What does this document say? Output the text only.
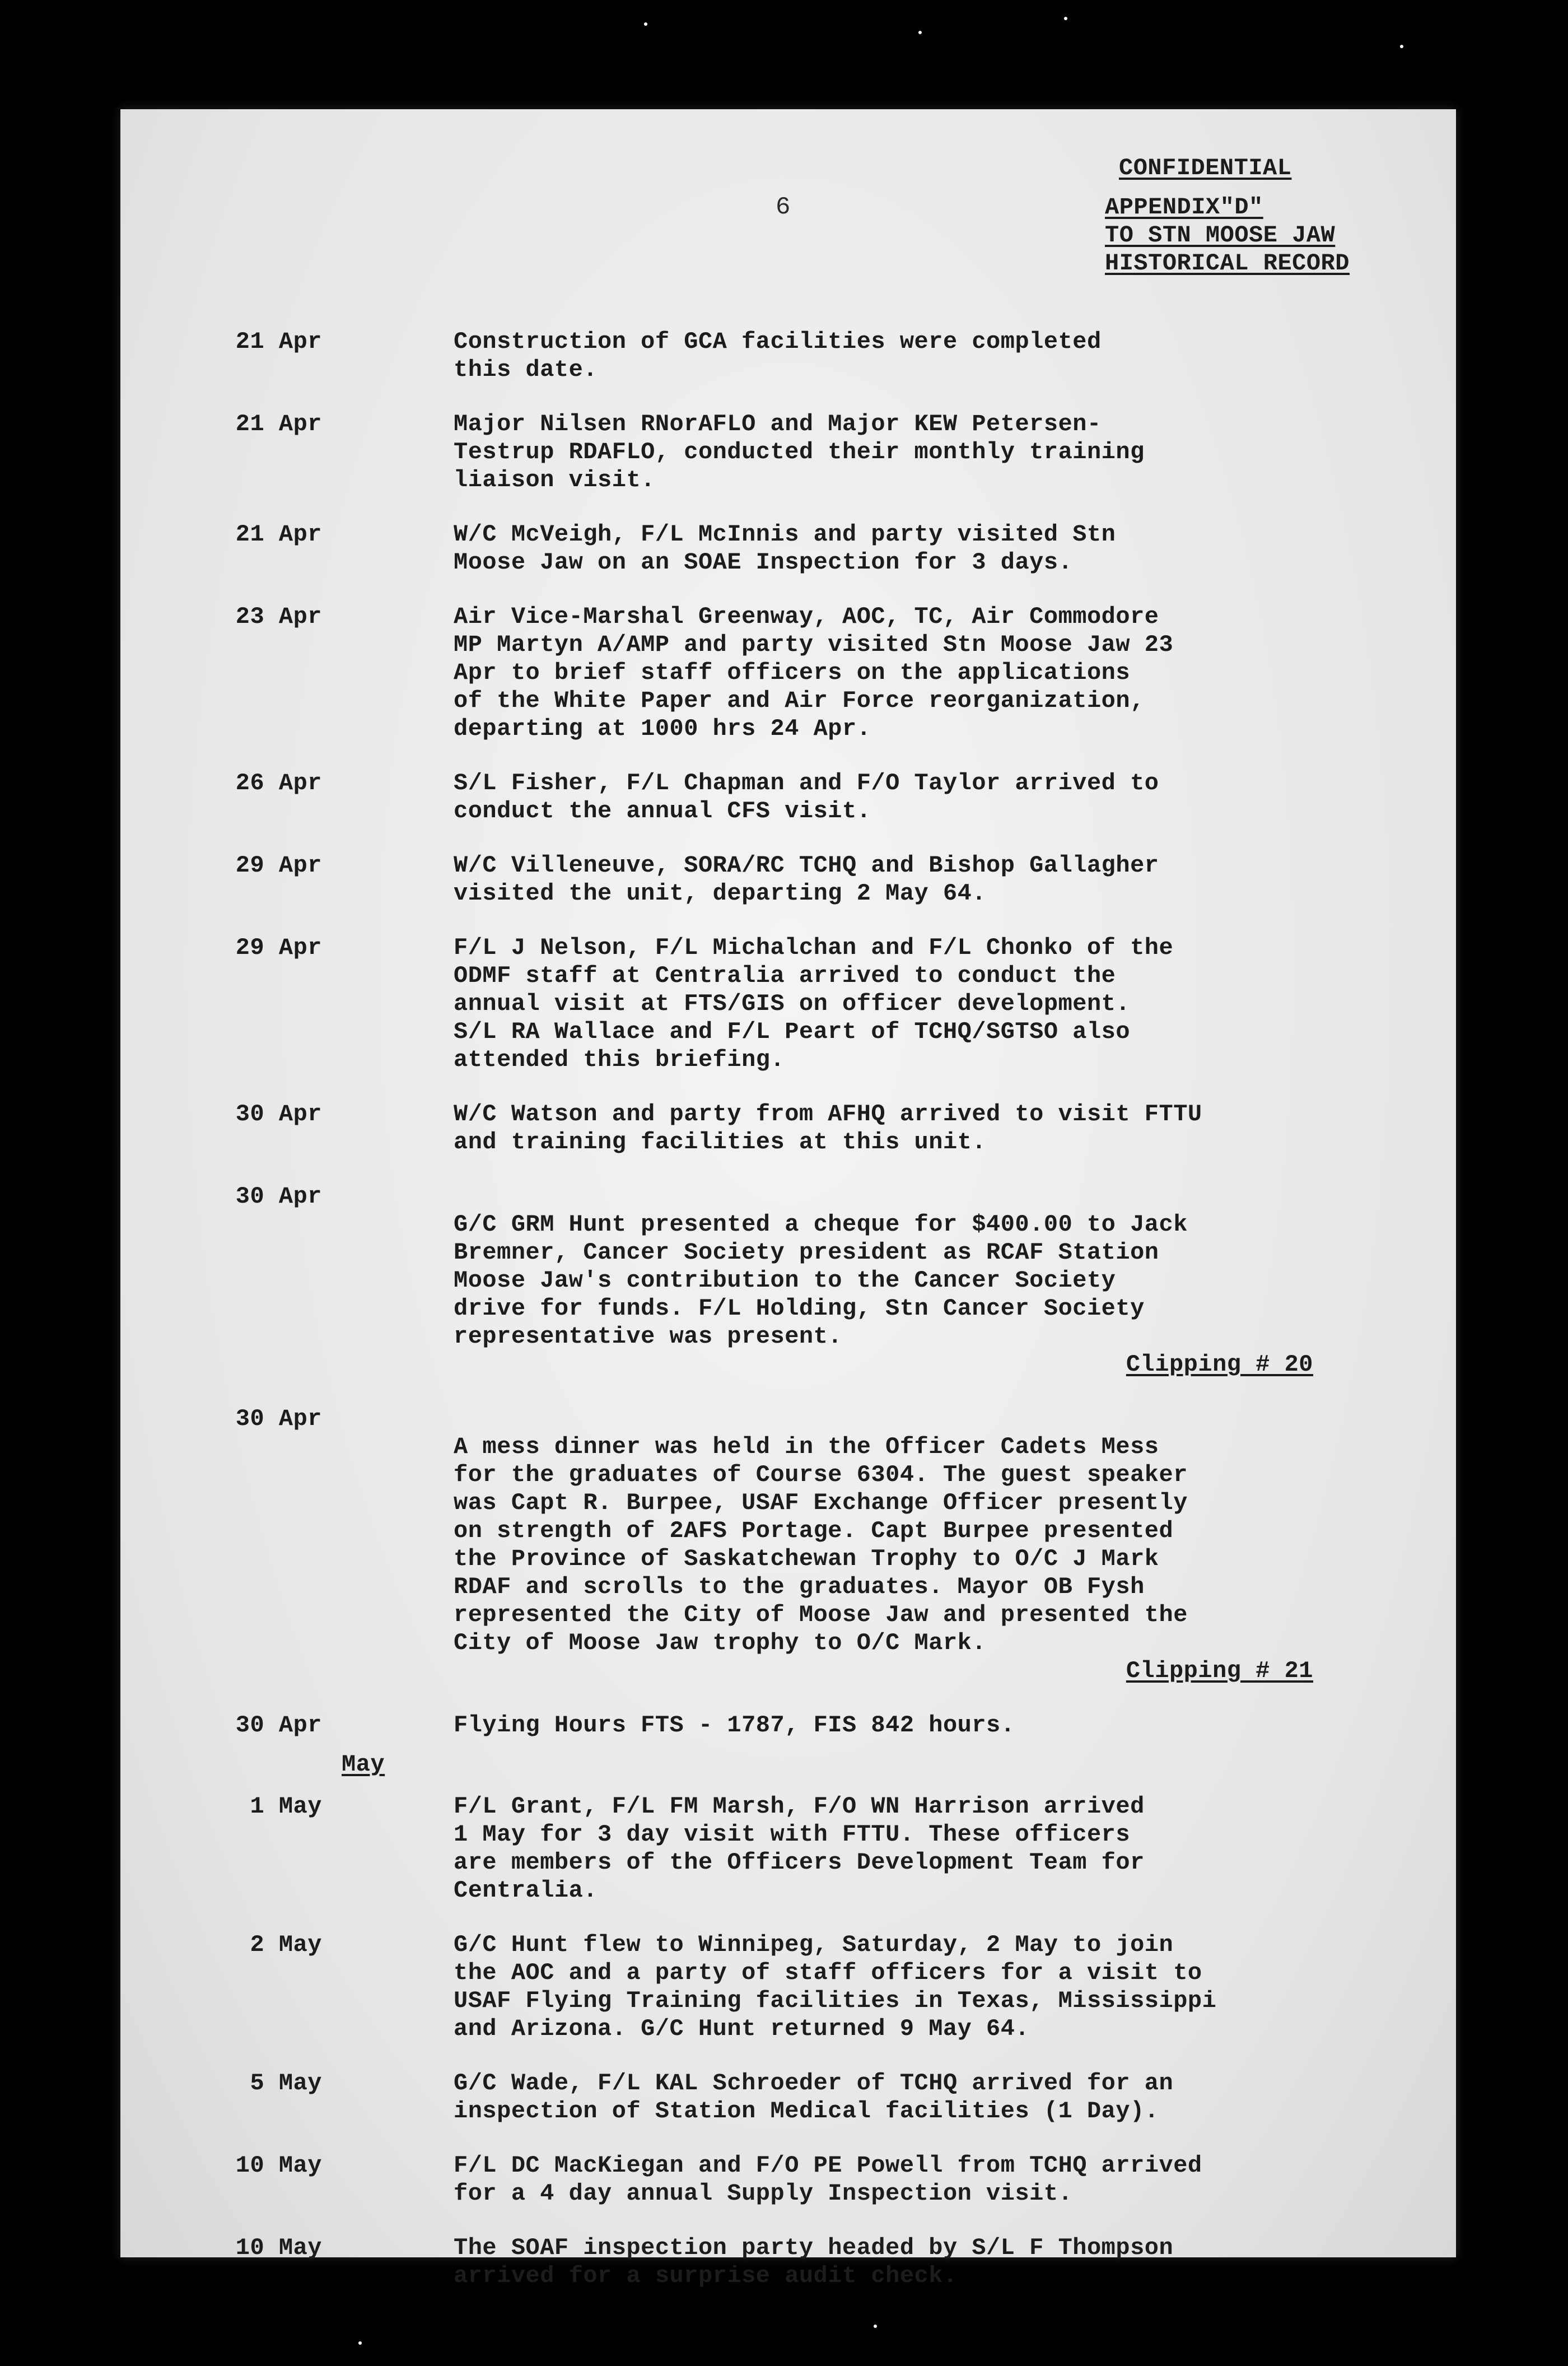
6
CONFIDENTIAL
APPENDIX"D"
TO STN MOOSE JAW
HISTORICAL RECORD
21 Apr	Construction of GCA facilities were completed
this date.
21 Apr	Major Nilsen RNorAFLO and Major KEW Petersen-
Testrup RDAFLO, conducted their monthly training
liaison visit.
21 Apr	W/C McVeigh, F/L McInnis and party visited Stn
Moose Jaw on an SOAE Inspection for 3 days.
23 Apr	Air Vice-Marshal Greenway, AOC, TC, Air Commodore
MP Martyn A/AMP and party visited Stn Moose Jaw 23
Apr to brief staff officers on the applications
of the White Paper and Air Force reorganization,
departing at 1000 hrs 24 Apr.
26 Apr	S/L Fisher, F/L Chapman and F/O Taylor arrived to
conduct the annual CFS visit.
29 Apr	W/C Villeneuve, SORA/RC TCHQ and Bishop Gallagher
visited the unit, departing 2 May 64.
29 Apr	F/L J Nelson, F/L Michalchan and F/L Chonko of the
ODMF staff at Centralia arrived to conduct the
annual visit at FTS/GIS on officer development.
S/L RA Wallace and F/L Peart of TCHQ/SGTSO also
attended this briefing.
30 Apr	W/C Watson and party from AFHQ arrived to visit FTTU
and training facilities at this unit.
30 Apr

G/C GRM Hunt presented a cheque for $400.00 to Jack
Bremner, Cancer Society president as RCAF Station
Moose Jaw's contribution to the Cancer Society
drive for funds. F/L Holding, Stn Cancer Society
representative was present.

Clipping # 20

30 Apr

A mess dinner was held in the Officer Cadets Mess
for the graduates of Course 6304. The guest speaker
was Capt R. Burpee, USAF Exchange Officer presently
on strength of 2AFS Portage. Capt Burpee presented
the Province of Saskatchewan Trophy to O/C J Mark
RDAF and scrolls to the graduates. Mayor OB Fysh
represented the City of Moose Jaw and presented the
City of Moose Jaw trophy to O/C Mark.

Clipping # 21

30 Apr	Flying Hours FTS - 1787, FIS 842 hours.
May
1 May	F/L Grant, F/L FM Marsh, F/O WN Harrison arrived
1 May for 3 day visit with FTTU. These officers
are members of the Officers Development Team for
Centralia.
2 May	G/C Hunt flew to Winnipeg, Saturday, 2 May to join
the AOC and a party of staff officers for a visit to
USAF Flying Training facilities in Texas, Mississippi
and Arizona. G/C Hunt returned 9 May 64.
5 May	G/C Wade, F/L KAL Schroeder of TCHQ arrived for an
inspection of Station Medical facilities (1 Day).
10 May	F/L DC MacKiegan and F/O PE Powell from TCHQ arrived
for a 4 day annual Supply Inspection visit.
10 May	The SOAF inspection party headed by S/L F Thompson
arrived for a surprise audit check.
